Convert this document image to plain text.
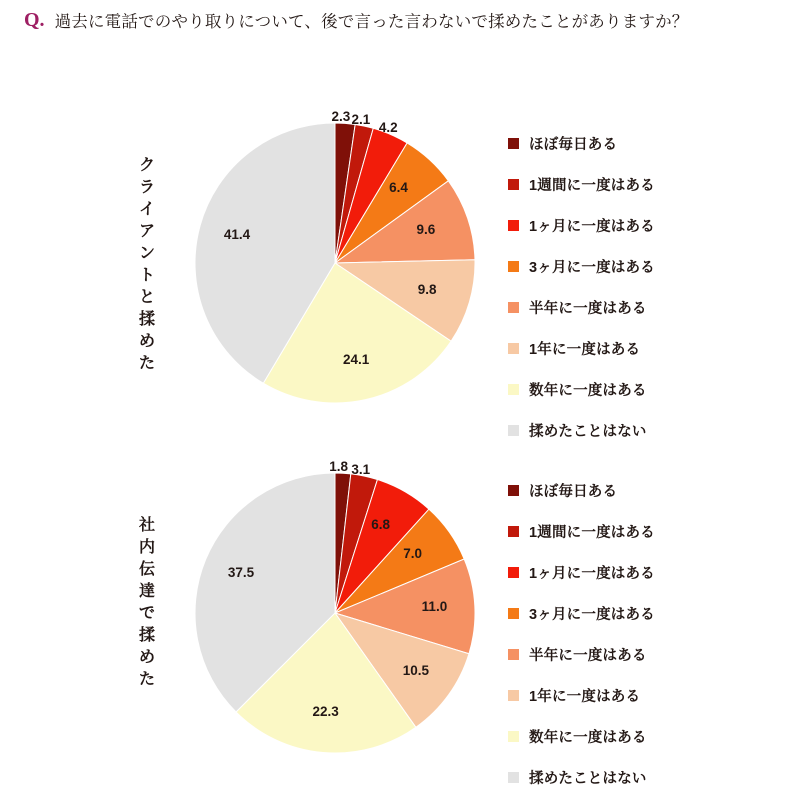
Q. 過去に電話でのやり取りについて、後で言った言わないで揉めたことがありますか？
クライアントと揉めた
2.3 2.1
4.2
6.4
9.6
9.8
24.1
41.4
ほぼ毎日ある
1週間に一度はある
1ヶ月に一度はある
3ヶ月に一度はある
半年に一度はある
1年に一度はある
数年に一度はある
揉めたことはない
社内伝達で揉めた
1.8 3.1
6.8
7.0
11.0
10.5
22.3
37.5
ほぼ毎日ある
1週間に一度はある
1ヶ月に一度はある
3ヶ月に一度はある
半年に一度はある
1年に一度はある
数年に一度はある
揉めたことはない
